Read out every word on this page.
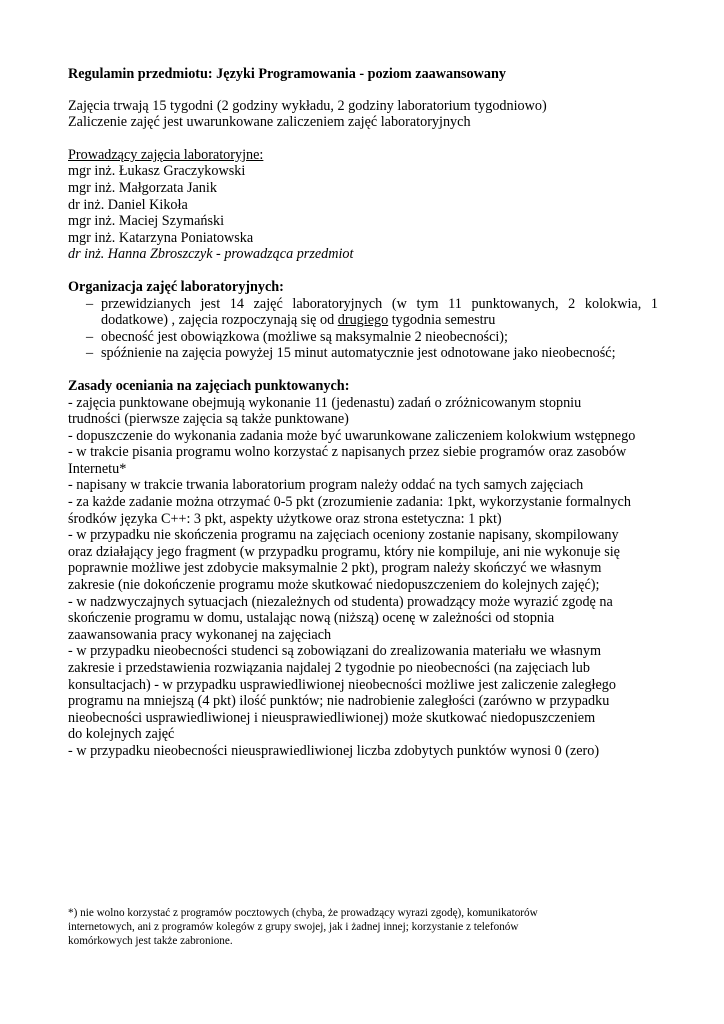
Regulamin przedmiotu: Języki Programowania - poziom zaawansowany

Zajęcia trwają 15 tygodni (2 godziny wykładu, 2 godziny laboratorium tygodniowo)

Zaliczenie zajęć jest uwarunkowane zaliczeniem zajęć laboratoryjnych

Prowadzący zajęcia laboratoryjne:

mgr inż. Łukasz Graczykowski

mgr inż. Małgorzata Janik

dr inż. Daniel Kikoła

mgr inż. Maciej Szymański

mgr inż. Katarzyna Poniatowska

dr inż. Hanna Zbroszczyk - prowadząca przedmiot

Organizacja zajęć laboratoryjnych:

– przewidzianych jest 14 zajęć laboratoryjnych (w tym 11 punktowanych, 2 kolokwia, 1 dodatkowe) , zajęcia rozpoczynają się od drugiego tygodnia semestru
– obecność jest obowiązkowa (możliwe są maksymalnie 2 nieobecności);
– spóźnienie na zajęcia powyżej 15 minut automatycznie jest odnotowane jako nieobecność;

Zasady oceniania na zajęciach punktowanych:

- zajęcia punktowane obejmują wykonanie 11 (jedenastu) zadań o zróżnicowanym stopniu

trudności (pierwsze zajęcia są także punktowane)

- dopuszczenie do wykonania zadania może być uwarunkowane zaliczeniem kolokwium wstępnego

- w trakcie pisania programu wolno korzystać z napisanych przez siebie programów oraz zasobów

Internetu*

- napisany w trakcie trwania laboratorium program należy oddać na tych samych zajęciach

- za każde zadanie można otrzymać 0-5 pkt (zrozumienie zadania: 1pkt, wykorzystanie formalnych

środków języka C++: 3 pkt, aspekty użytkowe oraz strona estetyczna: 1 pkt)

- w przypadku nie skończenia programu na zajęciach oceniony zostanie napisany, skompilowany

oraz działający jego fragment (w przypadku programu, który nie kompiluje, ani nie wykonuje się

poprawnie możliwe jest zdobycie maksymalnie 2 pkt), program należy skończyć we własnym

zakresie (nie dokończenie programu może skutkować niedopuszczeniem do kolejnych zajęć);

- w nadzwyczajnych sytuacjach (niezależnych od studenta) prowadzący może wyrazić zgodę na

skończenie programu w domu, ustalając nową (niższą) ocenę w zależności od stopnia

zaawansowania pracy wykonanej na zajęciach

- w przypadku nieobecności studenci są zobowiązani do zrealizowania materiału we własnym

zakresie i przedstawienia rozwiązania najdalej 2 tygodnie po nieobecności (na zajęciach lub

konsultacjach) - w przypadku usprawiedliwionej nieobecności możliwe jest zaliczenie zaległego

programu na mniejszą (4 pkt) ilość punktów; nie nadrobienie zaległości (zarówno w przypadku

nieobecności usprawiedliwionej i nieusprawiedliwionej) może skutkować niedopuszczeniem

do kolejnych zajęć

- w przypadku nieobecności nieusprawiedliwionej liczba zdobytych punktów wynosi 0 (zero)

*) nie wolno korzystać z programów pocztowych (chyba, że prowadzący wyrazi zgodę), komunikatorów
internetowych, ani z programów kolegów z grupy swojej, jak i żadnej innej; korzystanie z telefonów
komórkowych jest także zabronione.
